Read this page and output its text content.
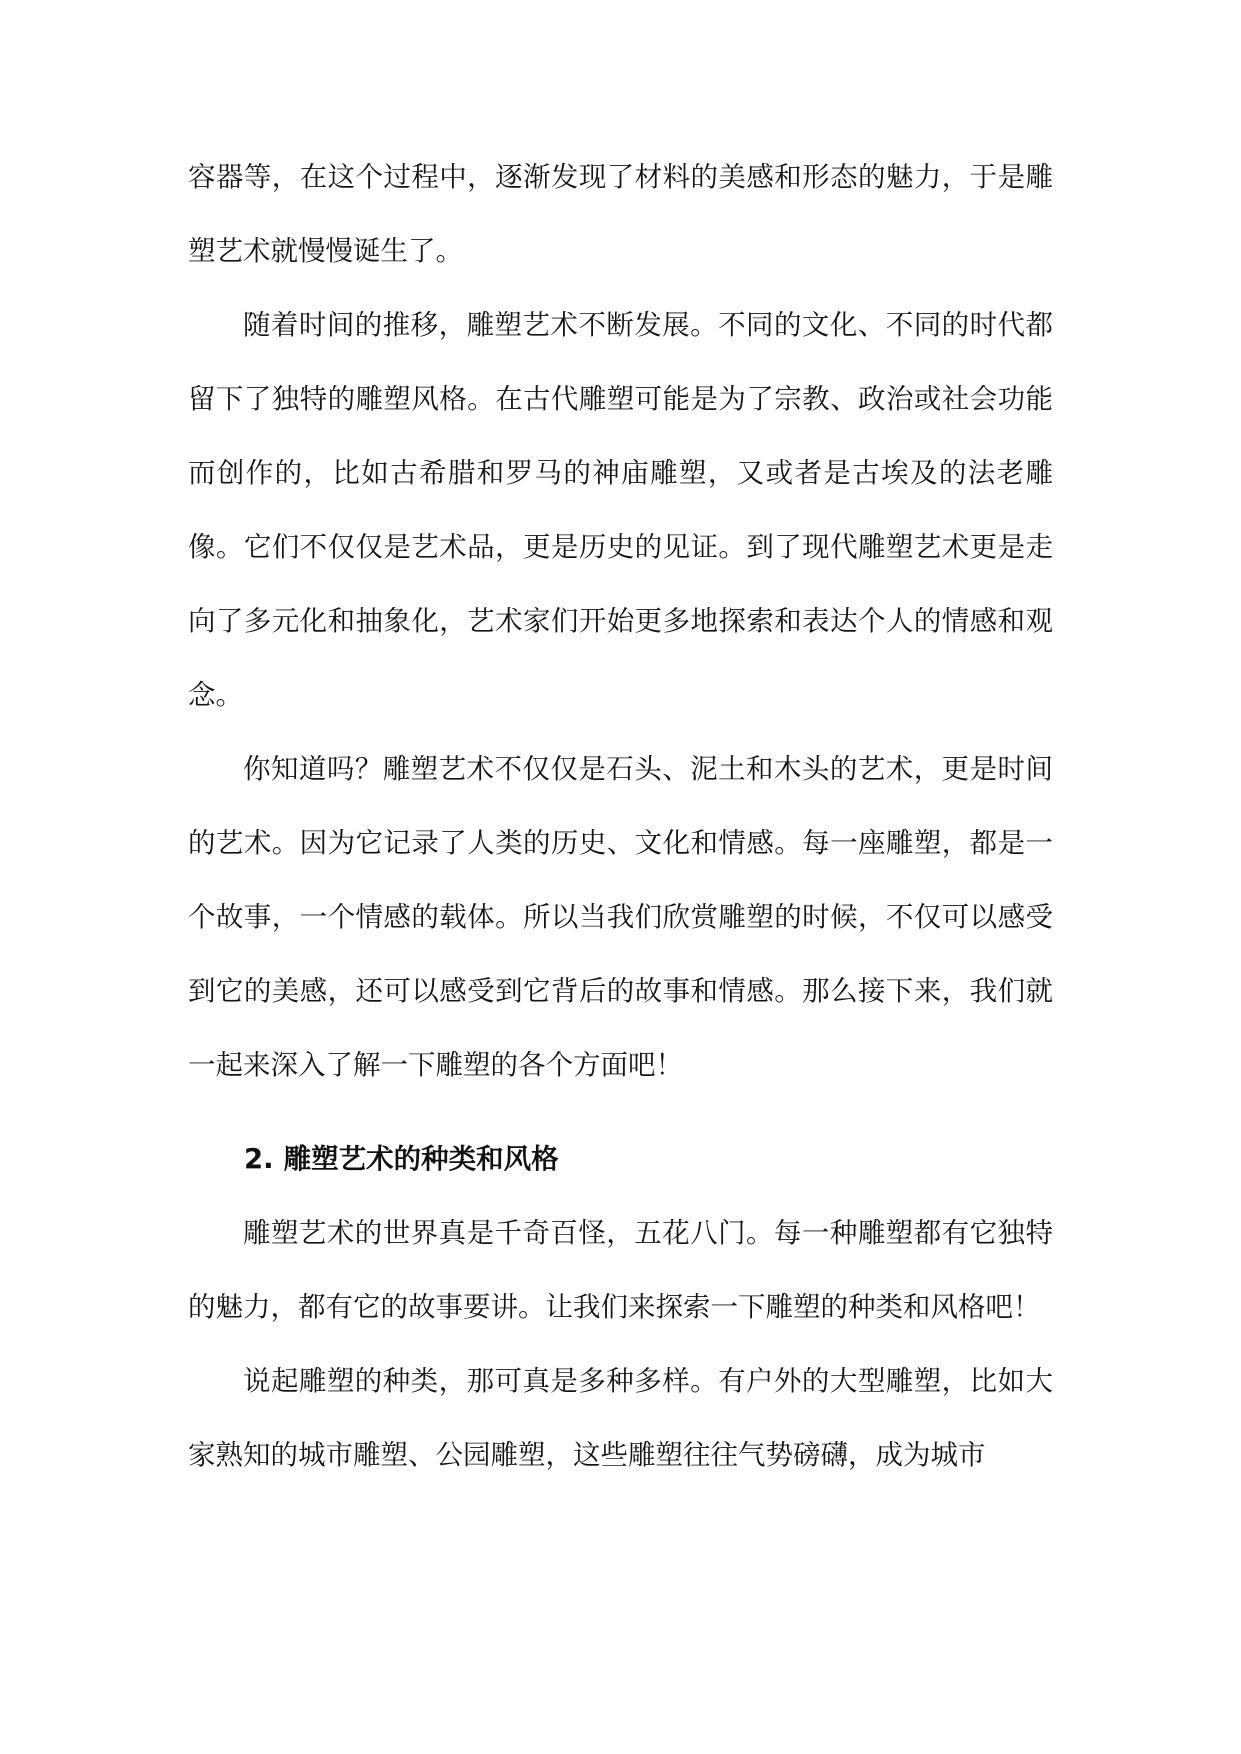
容器等，在这个过程中，逐渐发现了材料的美感和形态的魅力，于是雕塑艺术就慢慢诞生了。

随着时间的推移，雕塑艺术不断发展。不同的文化、不同的时代都留下了独特的雕塑风格。在古代雕塑可能是为了宗教、政治或社会功能而创作的，比如古希腊和罗马的神庙雕塑，又或者是古埃及的法老雕像。它们不仅仅是艺术品，更是历史的见证。到了现代雕塑艺术更是走向了多元化和抽象化，艺术家们开始更多地探索和表达个人的情感和观念。

你知道吗？雕塑艺术不仅仅是石头、泥土和木头的艺术，更是时间的艺术。因为它记录了人类的历史、文化和情感。每一座雕塑，都是一个故事，一个情感的载体。所以当我们欣赏雕塑的时候，不仅可以感受到它的美感，还可以感受到它背后的故事和情感。那么接下来，我们就一起来深入了解一下雕塑的各个方面吧！

2. 雕塑艺术的种类和风格

雕塑艺术的世界真是千奇百怪，五花八门。每一种雕塑都有它独特的魅力，都有它的故事要讲。让我们来探索一下雕塑的种类和风格吧！

说起雕塑的种类，那可真是多种多样。有户外的大型雕塑，比如大家熟知的城市雕塑、公园雕塑，这些雕塑往往气势磅礴，成为城市
